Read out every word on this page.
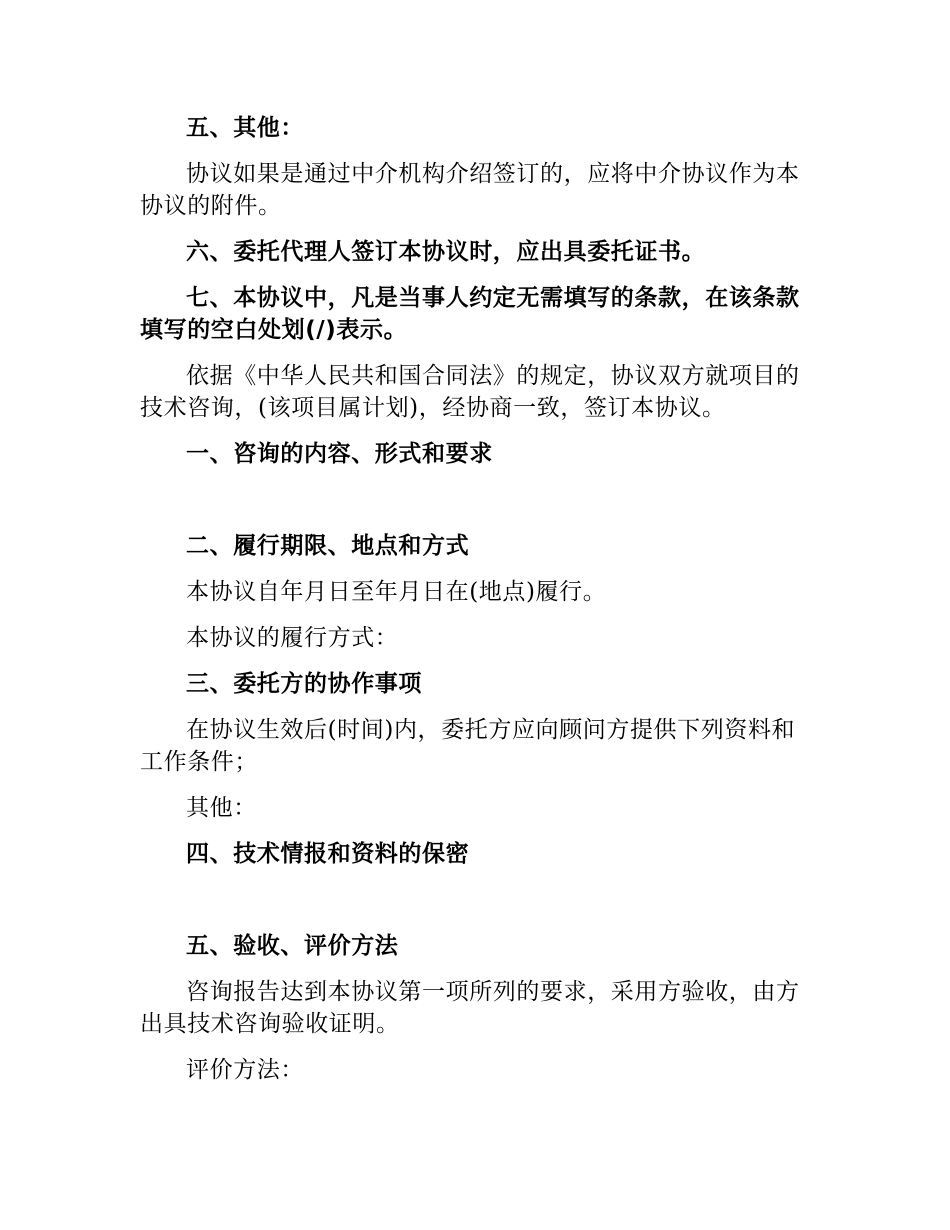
五、其他：

协议如果是通过中介机构介绍签订的，应将中介协议作为本协议的附件。

六、委托代理人签订本协议时，应出具委托证书。

七、本协议中，凡是当事人约定无需填写的条款，在该条款填写的空白处划(/)表示。

依据《中华人民共和国合同法》的规定，协议双方就项目的技术咨询，(该项目属计划)，经协商一致，签订本协议。

一、咨询的内容、形式和要求

二、履行期限、地点和方式

本协议自年月日至年月日在(地点)履行。

本协议的履行方式：

三、委托方的协作事项

在协议生效后(时间)内，委托方应向顾问方提供下列资料和工作条件；

其他：

四、技术情报和资料的保密

五、验收、评价方法

咨询报告达到本协议第一项所列的要求，采用方验收，由方出具技术咨询验收证明。

评价方法：
